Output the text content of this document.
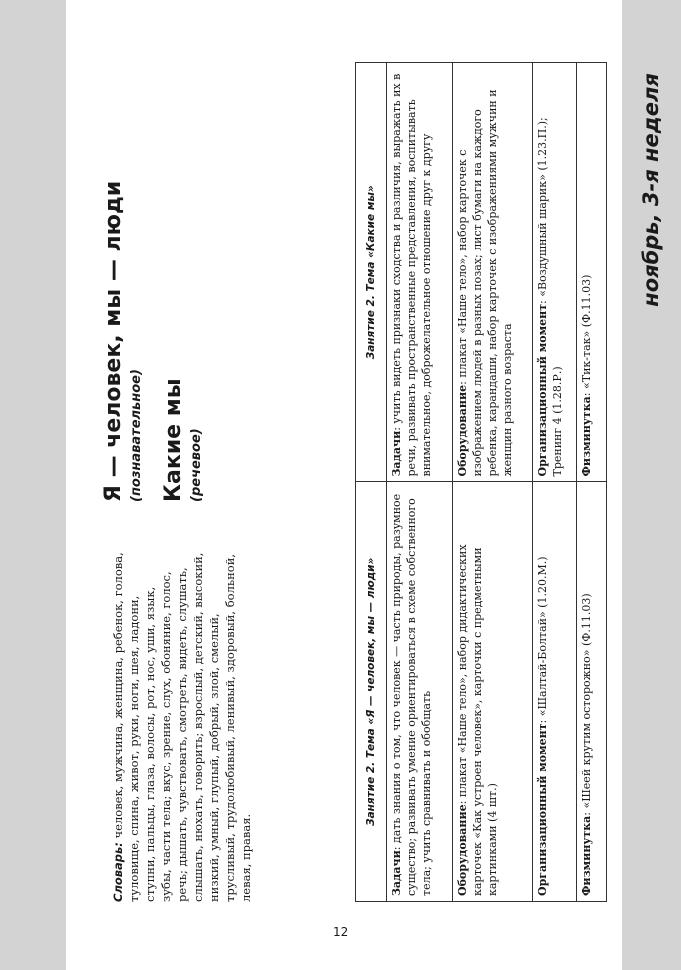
ноябрь, 3-я неделя
Словарь: человек, мужчина, женщина, ребенок, голова, туловище, спина, живот, руки, ноги, шея, ладони, ступни, пальцы, глаза, волосы, рот, нос, уши, язык, зубы, части тела; вкус, зрение, слух, обоняние, голос, речь; дышать, чувствовать, смотреть, видеть, слушать, слышать, нюхать, говорить; взрослый, детский, высокий, низкий, умный, глупый, добрый, злой, смелый, трусливый, трудолюбивый, ленивый, здоровый, больной, левая, правая.
Я — человек, мы — люди (познавательное) Какие мы (речевое)
Занятие 2. Тема «Я — человек, мы — люди»	Занятие 2. Тема «Какие мы»
Задачи: дать знания о том, что человек — часть природы, разумное существо; развивать умение ориентироваться в схеме собственного тела; учить сравнивать и обобщать	Задачи: учить видеть признаки сходства и различия, выражать их в речи, развивать пространственные представления, воспитывать внимательное, доброжелательное отношение друг к другу
Оборудование: плакат «Наше тело», набор дидактических карточек «Как устроен человек», карточки с предметными картинками (4 шт.)	Оборудование: плакат «Наше тело», набор карточек с изображением людей в разных позах; лист бумаги на каждого ребенка, карандаши, набор карточек с изображениями мужчин и женщин разного возраста
Организационный момент: «Шалтай-Болтай» (1.20.М.)	Организационный момент: «Воздушный шарик» (1.23.П.); Тренинг 4 (1.28.Р.)
Физминутка: «Шеей крутим осторожно» (Ф.11.03)	Физминутка: «Тик-так» (Ф.11.03)
12
